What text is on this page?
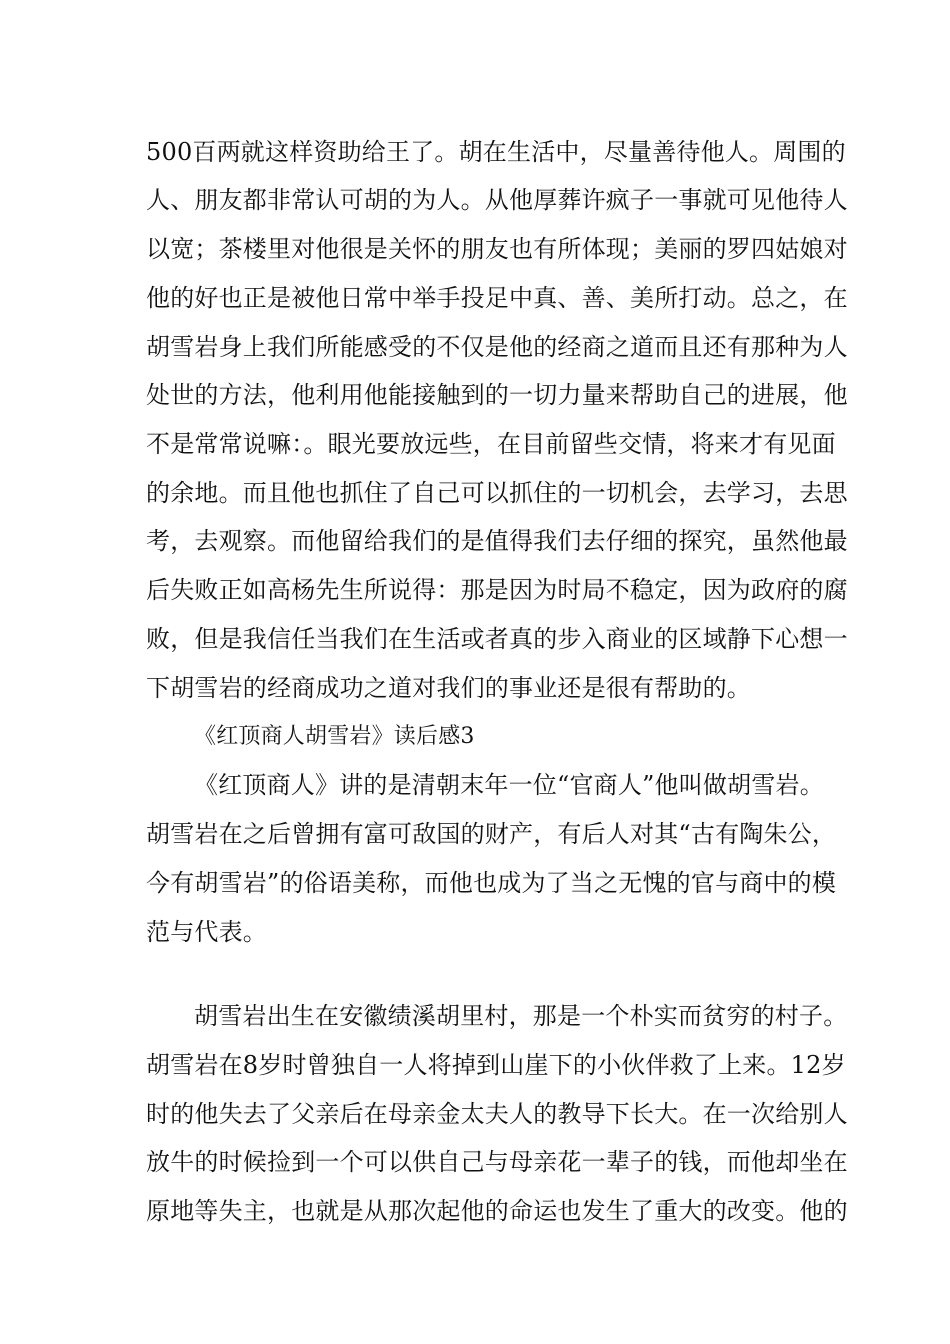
500百两就这样资助给王了。胡在生活中，尽量善待他人。周围的
人、朋友都非常认可胡的为人。从他厚葬许疯子一事就可见他待人
以宽；茶楼里对他很是关怀的朋友也有所体现；美丽的罗四姑娘对
他的好也正是被他日常中举手投足中真、善、美所打动。总之，在
胡雪岩身上我们所能感受的不仅是他的经商之道而且还有那种为人
处世的方法，他利用他能接触到的一切力量来帮助自己的进展，他
不是常常说嘛：。眼光要放远些，在目前留些交情，将来才有见面
的余地。而且他也抓住了自己可以抓住的一切机会，去学习，去思
考，去观察。而他留给我们的是值得我们去仔细的探究，虽然他最
后失败正如高杨先生所说得：那是因为时局不稳定，因为政府的腐
败，但是我信任当我们在生活或者真的步入商业的区域静下心想一
下胡雪岩的经商成功之道对我们的事业还是很有帮助的。
《红顶商人胡雪岩》读后感3
《红顶商人》讲的是清朝末年一位“官商人”他叫做胡雪岩。
胡雪岩在之后曾拥有富可敌国的财产，有后人对其“古有陶朱公，
今有胡雪岩”的俗语美称，而他也成为了当之无愧的官与商中的模
范与代表。
胡雪岩出生在安徽绩溪胡里村，那是一个朴实而贫穷的村子。
胡雪岩在8岁时曾独自一人将掉到山崖下的小伙伴救了上来。12岁
时的他失去了父亲后在母亲金太夫人的教导下长大。在一次给别人
放牛的时候捡到一个可以供自己与母亲花一辈子的钱，而他却坐在
原地等失主，也就是从那次起他的命运也发生了重大的改变。他的
